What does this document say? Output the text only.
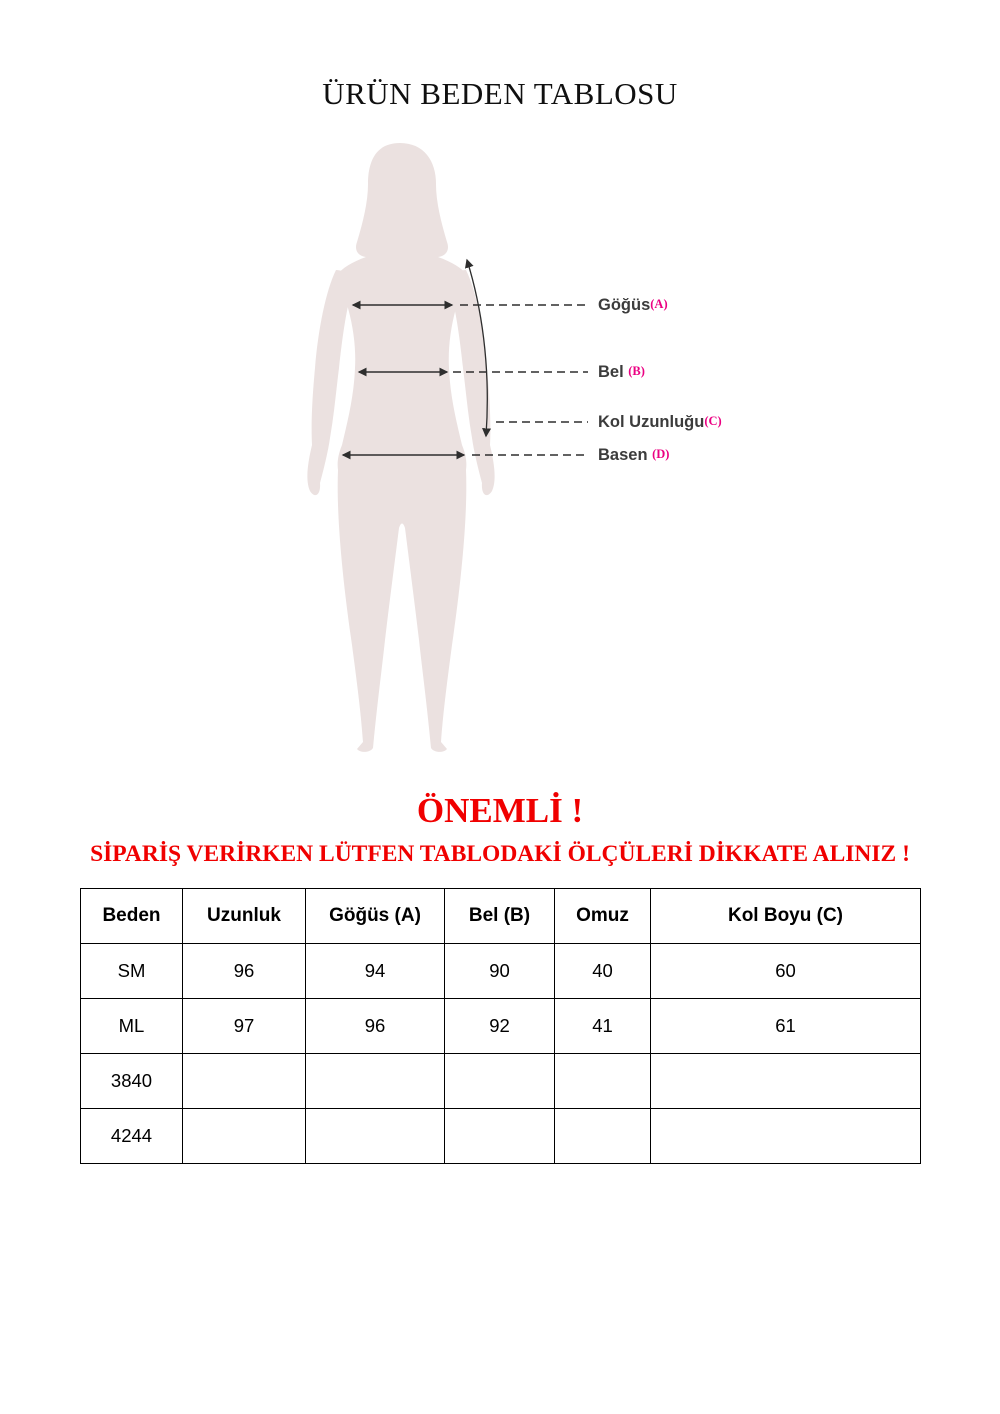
ÜRÜN BEDEN TABLOSU
Göğüs(A)
Bel (B)
Kol Uzunluğu(C)
Basen (D)
ÖNEMLİ !
SİPARİŞ VERİRKEN LÜTFEN TABLODAKİ ÖLÇÜLERİ DİKKATE ALINIZ !
Beden	Uzunluk	Göğüs (A)	Bel (B)	Omuz	Kol Boyu (C)
SM	96	94	90	40	60
ML	97	96	92	41	61
3840					
4244					
